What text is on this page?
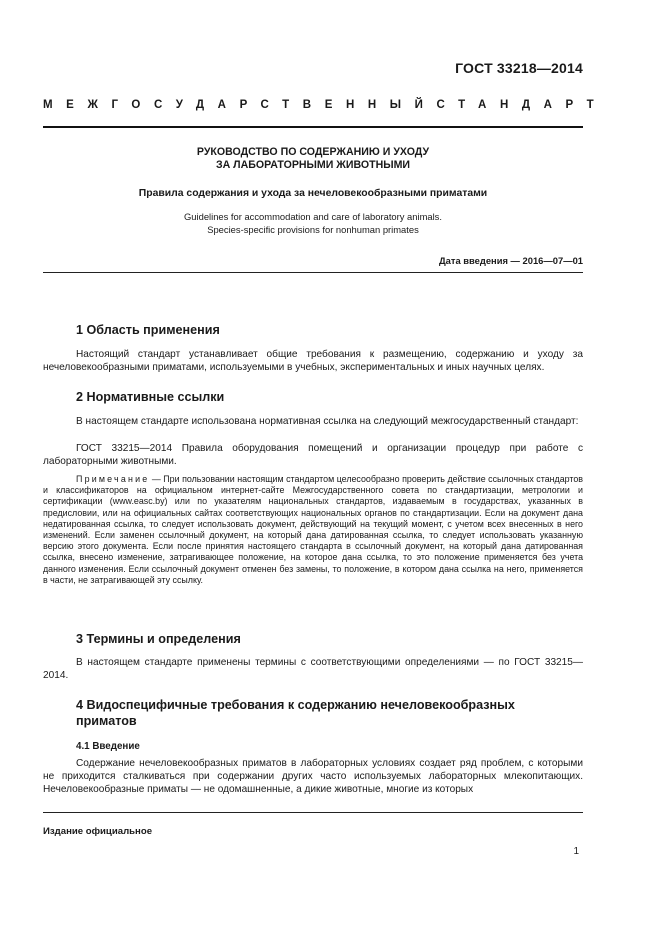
ГОСТ 33218—2014
МЕЖГОСУДАРСТВЕННЫЙ СТАНДАРТ
РУКОВОДСТВО ПО СОДЕРЖАНИЮ И УХОДУ
ЗА ЛАБОРАТОРНЫМИ ЖИВОТНЫМИ
Правила содержания и ухода за нечеловекообразными приматами
Guidelines for accommodation and care of laboratory animals.
Species-specific provisions for nonhuman primates
Дата введения — 2016—07—01
1 Область применения

Настоящий стандарт устанавливает общие требования к размещению, содержанию и уходу за нечеловекообразными приматами, используемыми в учебных, экспериментальных и иных научных целях.

2 Нормативные ссылки

В настоящем стандарте использована нормативная ссылка на следующий межгосударственный стандарт:

ГОСТ 33215—2014 Правила оборудования помещений и организации процедур при работе с лабораторными животными.

Примечание — При пользовании настоящим стандартом целесообразно проверить действие ссылочных стандартов и классификаторов на официальном интернет-сайте Межгосударственного совета по стандартизации, метрологии и сертификации (www.easc.by) или по указателям национальных стандартов, издаваемым в государствах, указанных в предисловии, или на официальных сайтах соответствующих национальных органов по стандартизации. Если на документ дана недатированная ссылка, то следует использовать документ, действующий на текущий момент, с учетом всех внесенных в него изменений. Если заменен ссылочный документ, на который дана датированная ссылка, то следует использовать указанную версию этого документа. Если после принятия настоящего стандарта в ссылочный документ, на который дана датированная ссылка, внесено изменение, затрагивающее положение, на которое дана ссылка, то это положение применяется без учета данного изменения. Если ссылочный документ отменен без замены, то положение, в котором дана ссылка на него, применяется в части, не затрагивающей эту ссылку.

3 Термины и определения

В настоящем стандарте применены термины с соответствующими определениями — по ГОСТ 33215—2014.

4 Видоспецифичные требования к содержанию нечеловекообразных
приматов
4.1 Введение

Содержание нечеловекообразных приматов в лабораторных условиях создает ряд проблем, с которыми не приходится сталкиваться при содержании других часто используемых лабораторных млекопитающих. Нечеловекообразные приматы — не одомашненные, а дикие животные, многие из которых

Издание официальное
1
